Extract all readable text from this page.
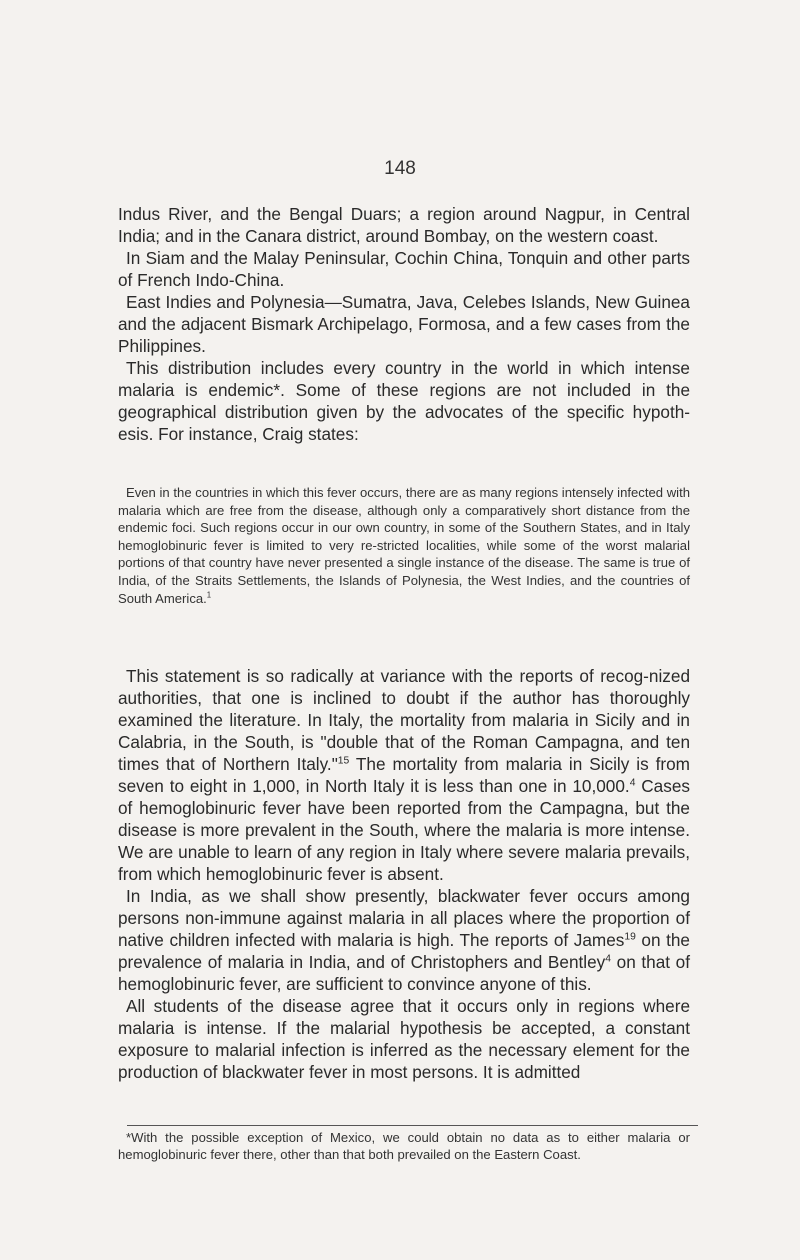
148

Indus River, and the Bengal Duars; a region around Nagpur, in Central India; and in the Canara district, around Bombay, on the western coast.

In Siam and the Malay Peninsular, Cochin China, Tonquin and other parts of French Indo-China.

East Indies and Polynesia—Sumatra, Java, Celebes Islands, New Guinea and the adjacent Bismark Archipelago, Formosa, and a few cases from the Philippines.

This distribution includes every country in the world in which intense malaria is endemic*. Some of these regions are not included in the geographical distribution given by the advocates of the specific hypoth-esis. For instance, Craig states:

Even in the countries in which this fever occurs, there are as many regions intensely infected with malaria which are free from the disease, although only a comparatively short distance from the endemic foci. Such regions occur in our own country, in some of the Southern States, and in Italy hemoglobinuric fever is limited to very re-stricted localities, while some of the worst malarial portions of that country have never presented a single instance of the disease. The same is true of India, of the Straits Settlements, the Islands of Polynesia, the West Indies, and the countries of South America.$^1$

This statement is so radically at variance with the reports of recog-nized authorities, that one is inclined to doubt if the author has thoroughly examined the literature. In Italy, the mortality from malaria in Sicily and in Calabria, in the South, is "double that of the Roman Campagna, and ten times that of Northern Italy."$^{15}$ The mortality from malaria in Sicily is from seven to eight in 1,000, in North Italy it is less than one in 10,000.$^4$ Cases of hemoglobinuric fever have been reported from the Campagna, but the disease is more prevalent in the South, where the malaria is more intense. We are unable to learn of any region in Italy where severe malaria prevails, from which hemoglobinuric fever is absent.

In India, as we shall show presently, blackwater fever occurs among persons non-immune against malaria in all places where the proportion of native children infected with malaria is high. The reports of James$^{19}$ on the prevalence of malaria in India, and of Christophers and Bentley$^4$ on that of hemoglobinuric fever, are sufficient to convince anyone of this.

All students of the disease agree that it occurs only in regions where malaria is intense. If the malarial hypothesis be accepted, a constant exposure to malarial infection is inferred as the necessary element for the production of blackwater fever in most persons. It is admitted

*With the possible exception of Mexico, we could obtain no data as to either malaria or hemoglobinuric fever there, other than that both prevailed on the Eastern Coast.
